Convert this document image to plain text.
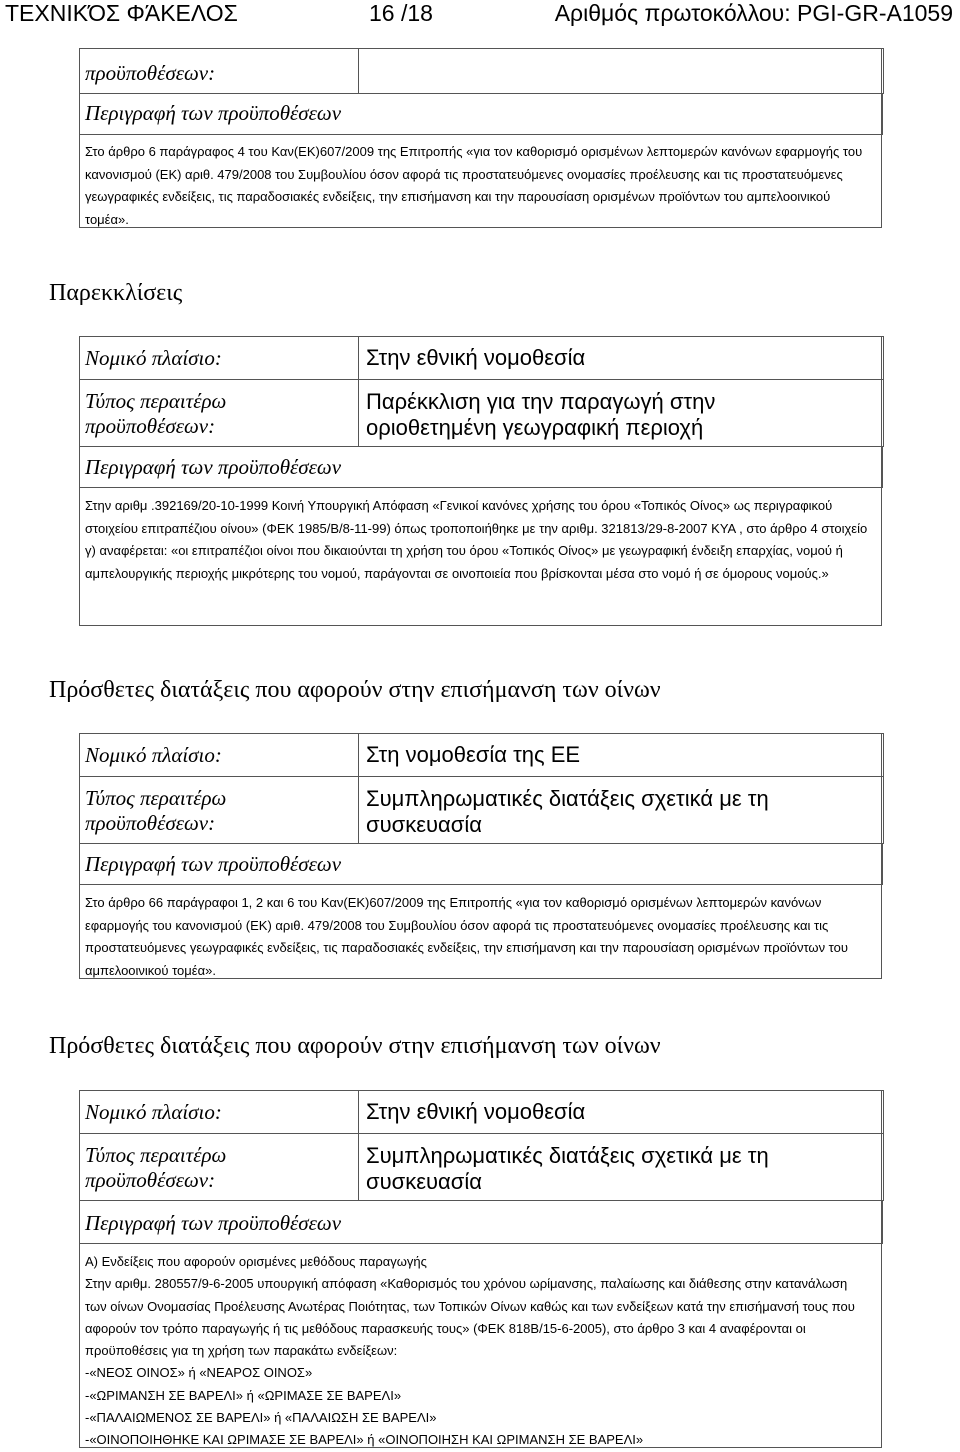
ΤΕΧΝΙΚΌΣ ΦΆΚΕΛΟΣ	16 /18	Αριθμός πρωτοκόλλου: PGI-GR-A1059
προϋποθέσεων:
Περιγραφή των προϋποθέσεων
Στο άρθρο 6 παράγραφος 4 του Καν(ΕΚ)607/2009 της Επιτροπής «για τον καθορισμό ορισμένων λεπτομερών κανόνων εφαρμογής του κανονισμού (ΕΚ) αριθ. 479/2008 του Συμβουλίου όσον αφορά τις προστατευόμενες ονομασίες προέλευσης και τις προστατευόμενες γεωγραφικές ενδείξεις, τις παραδοσιακές ενδείξεις, την επισήμανση και την παρουσίαση ορισμένων προϊόντων του αμπελοοινικού τομέα».
Παρεκκλίσεις
Νομικό πλαίσιο:	Στην εθνική νομοθεσία
Τύπος περαιτέρω προϋποθέσεων:
Παρέκκλιση για την παραγωγή στην οριοθετημένη γεωγραφική περιοχή
Περιγραφή των προϋποθέσεων
Στην αριθμ .392169/20-10-1999 Κοινή Υπουργική Απόφαση «Γενικοί κανόνες χρήσης του όρου «Τοπικός Οίνος» ως περιγραφικού στοιχείου επιτραπέζιου οίνου» (ΦΕΚ 1985/Β/8-11-99) όπως τροποποιήθηκε με την αριθμ. 321813/29-8-2007 ΚΥΑ , στο άρθρο 4 στοιχείο γ) αναφέρεται: «οι επιτραπέζιοι οίνοι που δικαιούνται τη χρήση του όρου «Τοπικός Οίνος» με γεωγραφική ένδειξη επαρχίας, νομού ή αμπελουργικής περιοχής μικρότερης του νομού, παράγονται σε οινοποιεία που βρίσκονται μέσα στο νομό ή σε όμορους νομούς.»
Πρόσθετες διατάξεις που αφορούν στην επισήμανση των οίνων
Νομικό πλαίσιο:	Στη νομοθεσία της ΕΕ
Τύπος περαιτέρω προϋποθέσεων:
Συμπληρωματικές διατάξεις σχετικά με τη συσκευασία
Περιγραφή των προϋποθέσεων
Στο άρθρο 66 παράγραφοι 1, 2 και 6 του Καν(ΕΚ)607/2009 της Επιτροπής «για τον καθορισμό ορισμένων λεπτομερών κανόνων εφαρμογής του κανονισμού (ΕΚ) αριθ. 479/2008 του Συμβουλίου όσον αφορά τις προστατευόμενες ονομασίες προέλευσης και τις προστατευόμενες γεωγραφικές ενδείξεις, τις παραδοσιακές ενδείξεις, την επισήμανση και την παρουσίαση ορισμένων προϊόντων του αμπελοοινικού τομέα».
Πρόσθετες διατάξεις που αφορούν στην επισήμανση των οίνων
Νομικό πλαίσιο:	Στην εθνική νομοθεσία
Τύπος περαιτέρω προϋποθέσεων:
Συμπληρωματικές διατάξεις σχετικά με τη συσκευασία
Περιγραφή των προϋποθέσεων
Α) Ενδείξεις που αφορούν ορισμένες μεθόδους παραγωγής
Στην αριθμ. 280557/9-6-2005 υπουργική απόφαση «Καθορισμός του χρόνου ωρίμανσης, παλαίωσης και διάθεσης στην κατανάλωση των οίνων Ονομασίας Προέλευσης Ανωτέρας Ποιότητας, των Τοπικών Οίνων καθώς και των ενδείξεων κατά την επισήμανσή τους που αφορούν τον τρόπο παραγωγής ή τις μεθόδους παρασκευής τους» (ΦΕΚ 818Β/15-6-2005), στο άρθρο 3 και 4 αναφέρονται οι προϋποθέσεις για τη χρήση των παρακάτω ενδείξεων:
-«ΝΕΟΣ ΟΙΝΟΣ» ή «ΝΕΑΡΟΣ ΟΙΝΟΣ»
-«ΩΡΙΜΑΝΣΗ ΣΕ ΒΑΡΕΛΙ» ή «ΩΡΙΜΑΣΕ ΣΕ ΒΑΡΕΛΙ»
-«ΠΑΛΑΙΩΜΕΝΟΣ ΣΕ ΒΑΡΕΛΙ» ή «ΠΑΛΑΙΩΣΗ ΣΕ ΒΑΡΕΛΙ»
-«ΟΙΝΟΠΟΙΗΘΗΚΕ ΚΑΙ ΩΡΙΜΑΣΕ ΣΕ ΒΑΡΕΛΙ» ή «ΟΙΝΟΠΟΙΗΣΗ ΚΑΙ ΩΡΙΜΑΝΣΗ ΣΕ ΒΑΡΕΛΙ»
